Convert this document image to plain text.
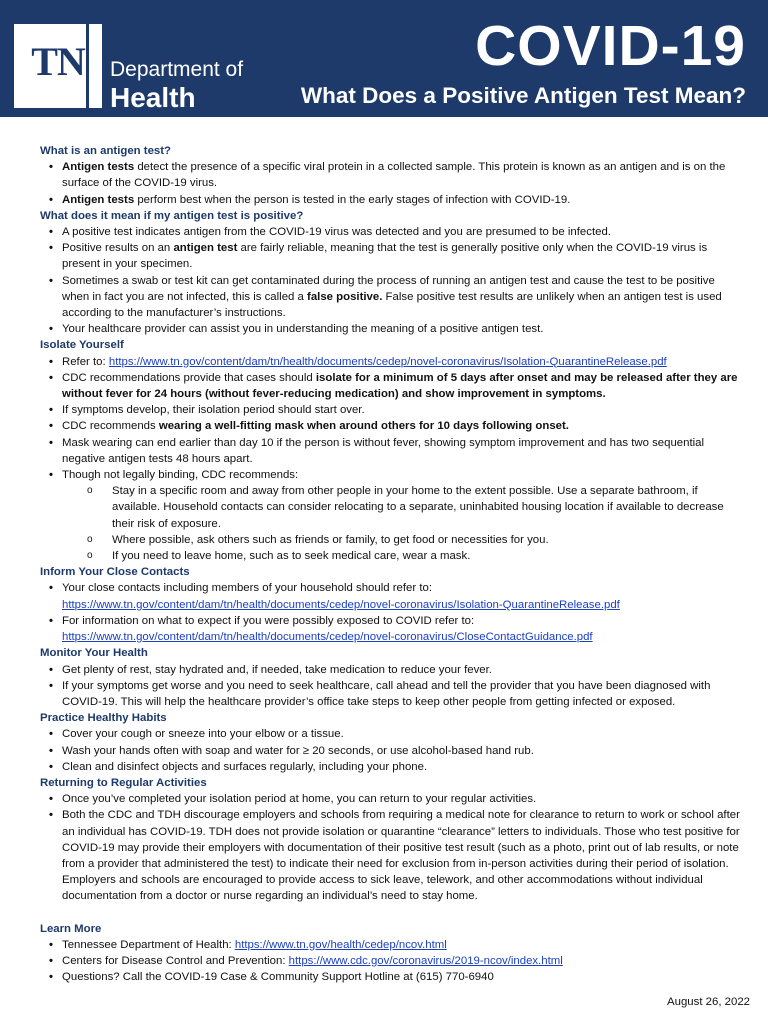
TN	Department of
Health
COVID-19
What Does a Positive Antigen Test Mean?
What is an antigen test?
• Antigen tests detect the presence of a specific viral protein in a collected sample. This protein is known as an antigen and is on the surface of the COVID-19 virus.
• Antigen tests perform best when the person is tested in the early stages of infection with COVID-19.
What does it mean if my antigen test is positive?
• A positive test indicates antigen from the COVID-19 virus was detected and you are presumed to be infected.
• Positive results on an antigen test are fairly reliable, meaning that the test is generally positive only when the COVID-19 virus is present in your specimen.
• Sometimes a swab or test kit can get contaminated during the process of running an antigen test and cause the test to be positive when in fact you are not infected, this is called a false positive. False positive test results are unlikely when an antigen test is used according to the manufacturer’s instructions.
• Your healthcare provider can assist you in understanding the meaning of a positive antigen test.
Isolate Yourself
• Refer to: https://www.tn.gov/content/dam/tn/health/documents/cedep/novel-coronavirus/Isolation-QuarantineRelease.pdf
• CDC recommendations provide that cases should isolate for a minimum of 5 days after onset and may be released after they are without fever for 24 hours (without fever-reducing medication) and show improvement in symptoms.
• If symptoms develop, their isolation period should start over.
• CDC recommends wearing a well-fitting mask when around others for 10 days following onset.
• Mask wearing can end earlier than day 10 if the person is without fever, showing symptom improvement and has two sequential negative antigen tests 48 hours apart.
• Though not legally binding, CDC recommends:
o Stay in a specific room and away from other people in your home to the extent possible. Use a separate bathroom, if available. Household contacts can consider relocating to a separate, uninhabited housing location if available to decrease their risk of exposure.
o Where possible, ask others such as friends or family, to get food or necessities for you.
o If you need to leave home, such as to seek medical care, wear a mask.
Inform Your Close Contacts
• Your close contacts including members of your household should refer to:
https://www.tn.gov/content/dam/tn/health/documents/cedep/novel-coronavirus/Isolation-QuarantineRelease.pdf
• For information on what to expect if you were possibly exposed to COVID refer to:
https://www.tn.gov/content/dam/tn/health/documents/cedep/novel-coronavirus/CloseContactGuidance.pdf
Monitor Your Health
• Get plenty of rest, stay hydrated and, if needed, take medication to reduce your fever.
• If your symptoms get worse and you need to seek healthcare, call ahead and tell the provider that you have been diagnosed with COVID-19. This will help the healthcare provider’s office take steps to keep other people from getting infected or exposed.
Practice Healthy Habits
• Cover your cough or sneeze into your elbow or a tissue.
• Wash your hands often with soap and water for ≥ 20 seconds, or use alcohol-based hand rub.
• Clean and disinfect objects and surfaces regularly, including your phone.
Returning to Regular Activities
• Once you’ve completed your isolation period at home, you can return to your regular activities.
• Both the CDC and TDH discourage employers and schools from requiring a medical note for clearance to return to work or school after an individual has COVID-19. TDH does not provide isolation or quarantine “clearance” letters to individuals. Those who test positive for COVID-19 may provide their employers with documentation of their positive test result (such as a photo, print out of lab results, or note from a provider that administered the test) to indicate their need for exclusion from in-person activities during their period of isolation. Employers and schools are encouraged to provide access to sick leave, telework, and other accommodations without individual documentation from a doctor or nurse regarding an individual’s need to stay home.
Learn More
• Tennessee Department of Health: https://www.tn.gov/health/cedep/ncov.html
• Centers for Disease Control and Prevention: https://www.cdc.gov/coronavirus/2019-ncov/index.html
• Questions? Call the COVID-19 Case & Community Support Hotline at (615) 770-6940
August 26, 2022
